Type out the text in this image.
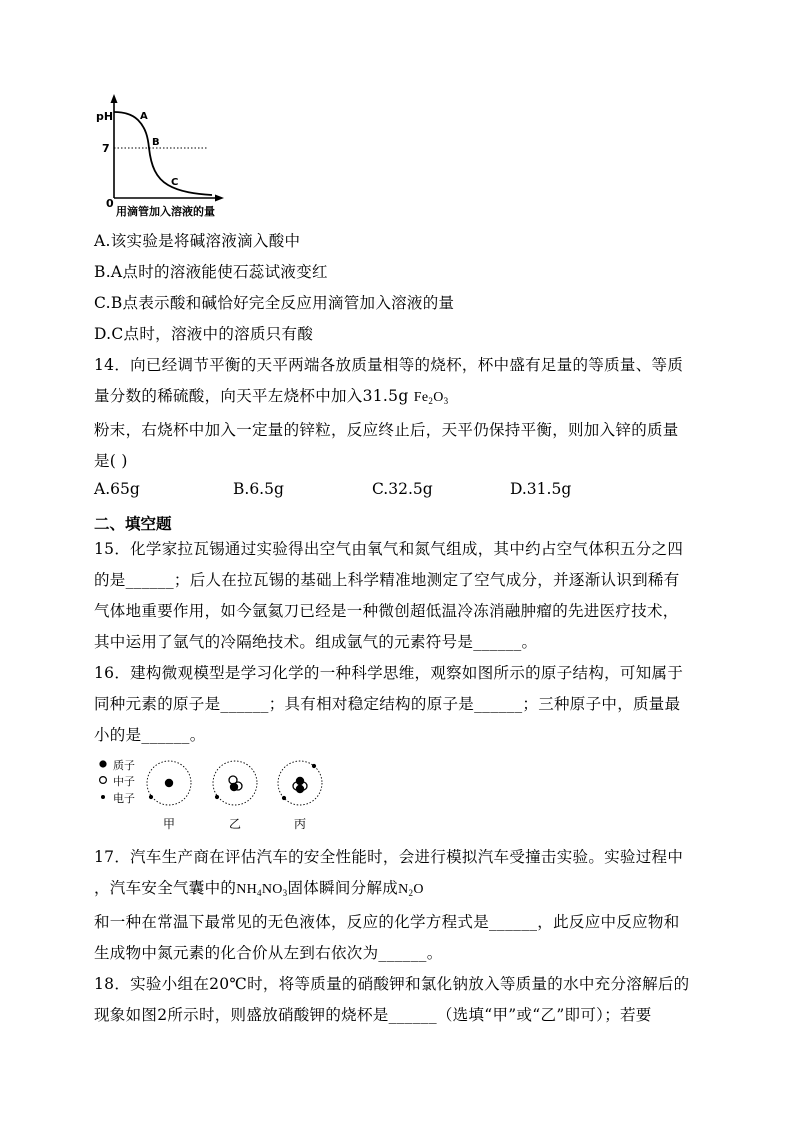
pH
7
0
A
B
C
用滴管加入溶液的量
A.该实验是将碱溶液滴入酸中
B.A点时的溶液能使石蕊试液变红
C.B点表示酸和碱恰好完全反应用滴管加入溶液的量
D.C点时，溶液中的溶质只有酸
14．向已经调节平衡的天平两端各放质量相等的烧杯，杯中盛有足量的等质量、等质
量分数的稀硫酸，向天平左烧杯中加入31.5g $Fe_2O_3$
粉末，右烧杯中加入一定量的锌粒，反应终止后，天平仍保持平衡，则加入锌的质量
是( )
A.65g	B.6.5g	C.32.5g	D.31.5g
二、填空题
15．化学家拉瓦锡通过实验得出空气由氧气和氮气组成，其中约占空气体积五分之四
的是______；后人在拉瓦锡的基础上科学精准地测定了空气成分，并逐渐认识到稀有
气体地重要作用，如今氩氦刀已经是一种微创超低温冷冻消融肿瘤的先进医疗技术，
其中运用了氩气的冷隔绝技术。组成氩气的元素符号是______。
16．建构微观模型是学习化学的一种科学思维，观察如图所示的原子结构，可知属于
同种元素的原子是______；具有相对稳定结构的原子是______；三种原子中，质量最
小的是______。
质子
中子
电子
甲	乙	丙
17．汽车生产商在评估汽车的安全性能时，会进行模拟汽车受撞击实验。实验过程中
，汽车安全气囊中的$NH_4NO_3$固体瞬间分解成$N_2O$
和一种在常温下最常见的无色液体，反应的化学方程式是______，此反应中反应物和
生成物中氮元素的化合价从左到右依次为______。
18．实验小组在20℃时，将等质量的硝酸钾和氯化钠放入等质量的水中充分溶解后的
现象如图2所示时，则盛放硝酸钾的烧杯是______（选填“甲”或“乙”即可）；若要
